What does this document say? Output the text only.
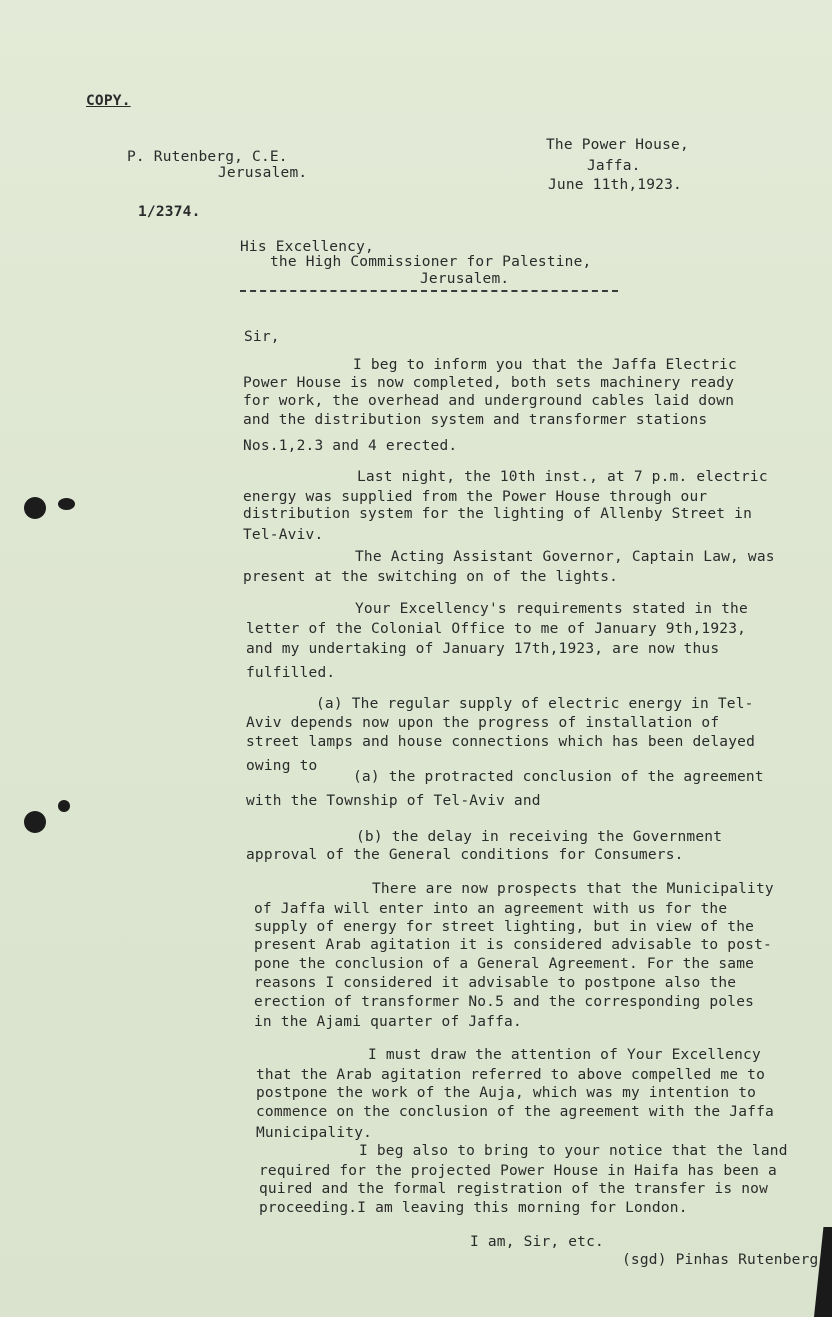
COPY.
P. Rutenberg, C.E.
Jerusalem.
The Power House,
Jaffa.
June 11th,1923.
1/2374.
His Excellency,
the High Commissioner for Palestine,
Jerusalem.
Sir,
I beg to inform you that the Jaffa Electric
Power House is now completed, both sets machinery ready
for work, the overhead and underground cables laid down
and the distribution system and transformer stations
Nos.1,2.3 and 4 erected.
Last night, the 10th inst., at 7 p.m. electric
energy was supplied from the Power House through our
distribution system for the lighting of Allenby Street in
Tel-Aviv.
The Acting Assistant Governor, Captain Law, was
present at the switching on of the lights.
Your Excellency's requirements stated in the
letter of the Colonial Office to me of January 9th,1923,
and my undertaking of January 17th,1923, are now thus
fulfilled.
(a) The regular supply of electric energy in Tel-
Aviv depends now upon the progress of installation of
street lamps and house connections which has been delayed
owing to
(a) the protracted conclusion of the agreement
with the Township of Tel-Aviv and
(b) the delay in receiving the Government
approval of the General conditions for Consumers.
There are now prospects that the Municipality
of Jaffa will enter into an agreement with us for the
supply of energy for street lighting, but in view of the
present Arab agitation it is considered advisable to post-
pone the conclusion of a General Agreement. For the same
reasons I considered it advisable to postpone also the
erection of transformer No.5 and the corresponding poles
in the Ajami quarter of Jaffa.
I must draw the attention of Your Excellency
that the Arab agitation referred to above compelled me to
postpone the work of the Auja, which was my intention to
commence on the conclusion of the agreement with the Jaffa
Municipality.
I beg also to bring to your notice that the land
required for the projected Power House in Haifa has been a
quired and the formal registration of the transfer is now
proceeding.I am leaving this morning for London.
I am, Sir, etc.
(sgd) Pinhas Rutenberg
